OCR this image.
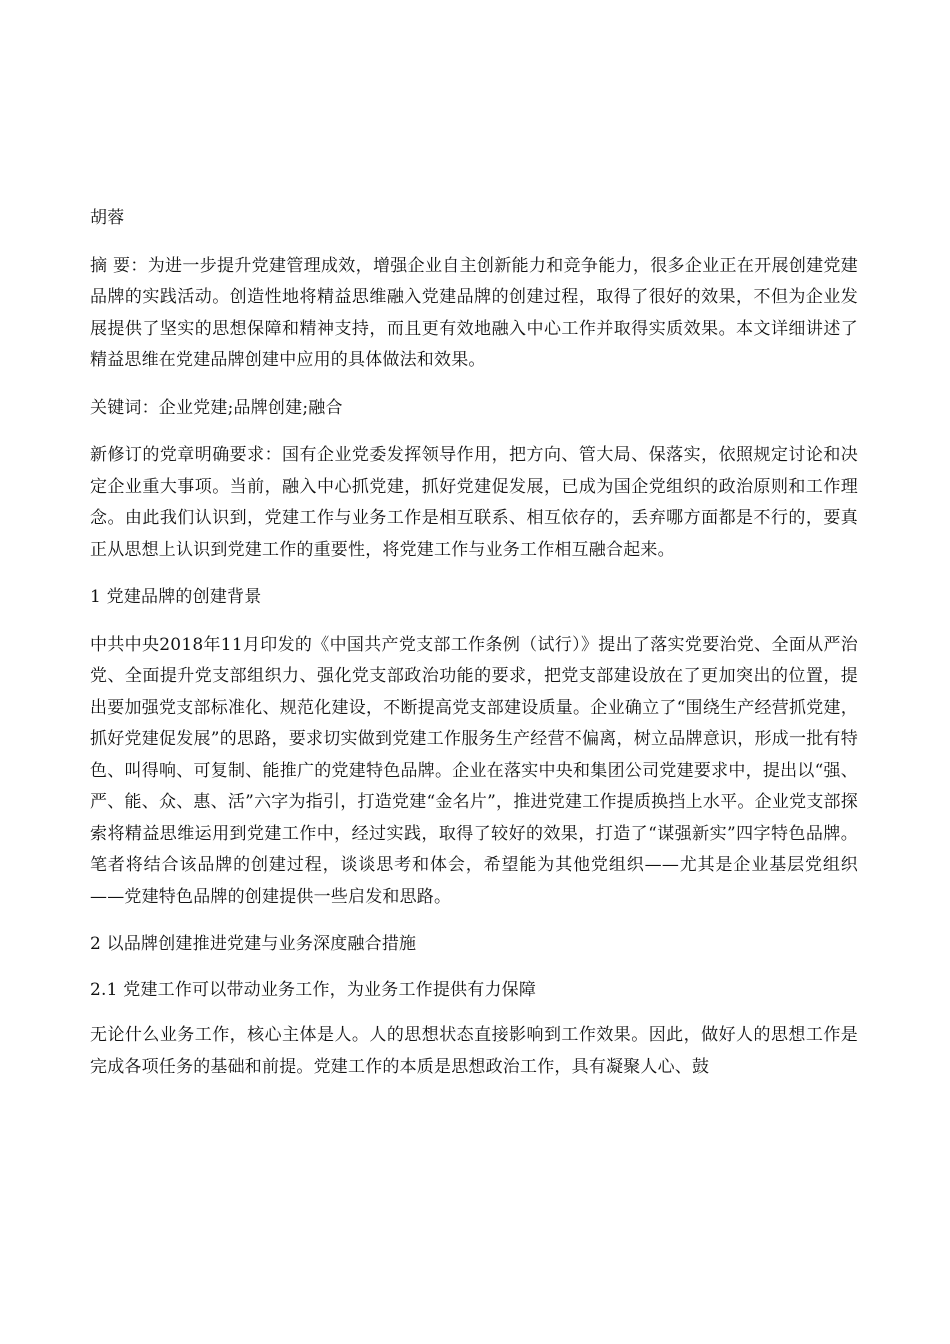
胡蓉

摘 要：为进一步提升党建管理成效，增强企业自主创新能力和竞争能力，很多企业正在开展创建党建品牌的实践活动。创造性地将精益思维融入党建品牌的创建过程，取得了很好的效果，不但为企业发展提供了坚实的思想保障和精神支持，而且更有效地融入中心工作并取得实质效果。本文详细讲述了精益思维在党建品牌创建中应用的具体做法和效果。

关键词：企业党建;品牌创建;融合

新修订的党章明确要求：国有企业党委发挥领导作用，把方向、管大局、保落实，依照规定讨论和决定企业重大事项。当前，融入中心抓党建，抓好党建促发展，已成为国企党组织的政治原则和工作理念。由此我们认识到，党建工作与业务工作是相互联系、相互依存的，丢弃哪方面都是不行的，要真正从思想上认识到党建工作的重要性，将党建工作与业务工作相互融合起来。

1 党建品牌的创建背景

中共中央2018年11月印发的《中国共产党支部工作条例（试行）》提出了落实党要治党、全面从严治党、全面提升党支部组织力、强化党支部政治功能的要求，把党支部建设放在了更加突出的位置，提出要加强党支部标准化、规范化建设，不断提高党支部建设质量。企业确立了“围绕生产经营抓党建，抓好党建促发展”的思路，要求切实做到党建工作服务生产经营不偏离，树立品牌意识，形成一批有特色、叫得响、可复制、能推广的党建特色品牌。企业在落实中央和集团公司党建要求中，提出以“强、严、能、众、惠、活”六字为指引，打造党建“金名片”，推进党建工作提质换挡上水平。企业党支部探索将精益思维运用到党建工作中，经过实践，取得了较好的效果，打造了“谋强新实”四字特色品牌。笔者将结合该品牌的创建过程，谈谈思考和体会，希望能为其他党组织——尤其是企业基层党组织——党建特色品牌的创建提供一些启发和思路。

2 以品牌创建推进党建与业务深度融合措施

2.1 党建工作可以带动业务工作，为业务工作提供有力保障

无论什么业务工作，核心主体是人。人的思想状态直接影响到工作效果。因此，做好人的思想工作是完成各项任务的基础和前提。党建工作的本质是思想政治工作，具有凝聚人心、鼓
